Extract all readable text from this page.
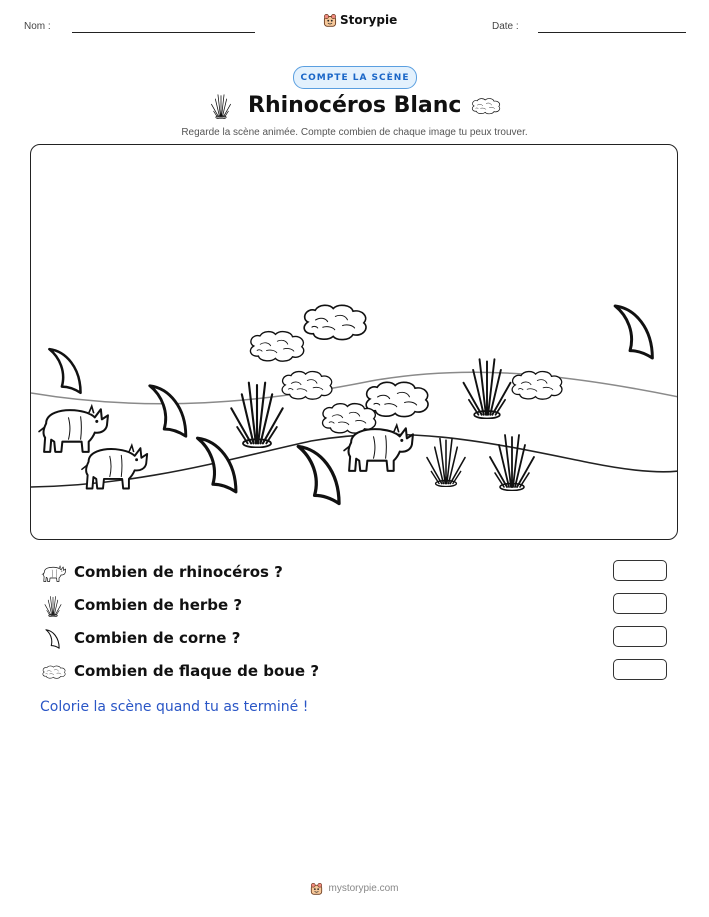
Nom :	Storypie	Date :
COMPTE LA SCÈNE
Rhinocéros Blanc
Regarde la scène animée. Compte combien de chaque image tu peux trouver.
Combien de rhinocéros ?
Combien de herbe ?
Combien de corne ?
Combien de flaque de boue ?
Colorie la scène quand tu as terminé !
mystorypie.com
